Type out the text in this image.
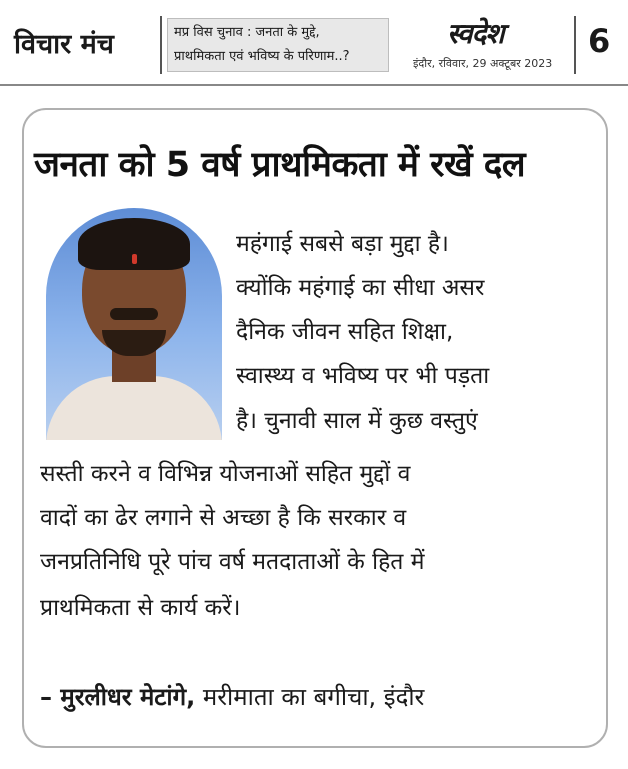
विचार मंच	मप्र विस चुनाव : जनता के मुद्दे,
प्राथमिकता एवं भविष्य के परिणाम..?
स्वदेश
इंदौर, रविवार, 29 अक्टूबर 2023
6
जनता को 5 वर्ष प्राथमिकता में रखें दल
महंगाई सबसे बड़ा मुद्दा है।
क्योंकि महंगाई का सीधा असर
दैनिक जीवन सहित शिक्षा,
स्वास्थ्य व भविष्य पर भी पड़ता
है। चुनावी साल में कुछ वस्तुएं
सस्ती करने व विभिन्न योजनाओं सहित मुद्दों व
वादों का ढेर लगाने से अच्छा है कि सरकार व
जनप्रतिनिधि पूरे पांच वर्ष मतदाताओं के हित में
प्राथमिकता से कार्य करें।
– मुरलीधर मेटांगे, मरीमाता का बगीचा, इंदौर
